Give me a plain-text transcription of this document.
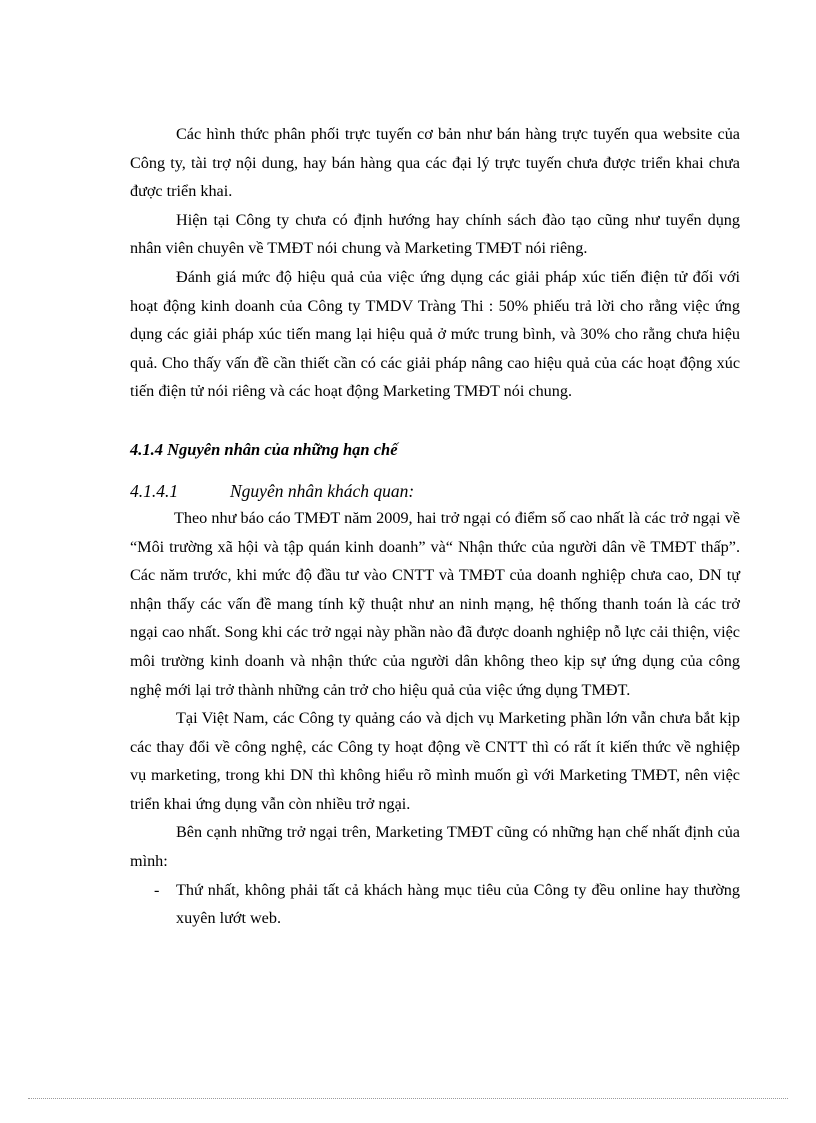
Các hình thức phân phối trực tuyến cơ bản như bán hàng trực tuyến qua website của Công ty, tài trợ nội dung, hay bán hàng qua các đại lý trực tuyến chưa được triển khai chưa được triển khai.

Hiện tại Công ty chưa có định hướng hay chính sách đào tạo cũng như tuyển dụng nhân viên chuyên về TMĐT nói chung và Marketing TMĐT nói riêng.

Đánh giá mức độ hiệu quả của việc ứng dụng các giải pháp xúc tiến điện tử đối với hoạt động kinh doanh của Công ty TMDV Tràng Thi : 50% phiếu trả lời cho rằng việc ứng dụng các giải pháp xúc tiến mang lại hiệu quả ở mức trung bình, và 30% cho rằng chưa hiệu quả. Cho thấy vấn đề cần thiết cần có các giải pháp nâng cao hiệu quả của các hoạt động xúc tiến điện tử nói riêng và các hoạt động Marketing TMĐT nói chung.

4.1.4 Nguyên nhân của những hạn chế
4.1.4.1	Nguyên nhân khách quan:

Theo như báo cáo TMĐT năm 2009, hai trở ngại có điểm số cao nhất là các trở ngại về “Môi trường xã hội và tập quán kinh doanh” và“ Nhận thức của người dân về TMĐT thấp”. Các năm trước, khi mức độ đầu tư vào CNTT và TMĐT của doanh nghiệp chưa cao, DN tự nhận thấy các vấn đề mang tính kỹ thuật như an ninh mạng, hệ thống thanh toán là các trở ngại cao nhất. Song khi các trở ngại này phần nào đã được doanh nghiệp nỗ lực cải thiện, việc môi trường kinh doanh và nhận thức của người dân không theo kịp sự ứng dụng của công nghệ mới lại trở thành những cản trở cho hiệu quả của việc ứng dụng TMĐT.

Tại Việt Nam, các Công ty quảng cáo và dịch vụ Marketing phần lớn vẫn chưa bắt kịp các thay đổi về công nghệ, các Công ty hoạt động về CNTT thì có rất ít kiến thức về nghiệp vụ marketing, trong khi DN thì không hiểu rõ mình muốn gì với Marketing TMĐT, nên việc triển khai ứng dụng vẫn còn nhiều trở ngại.

Bên cạnh những trở ngại trên, Marketing TMĐT cũng có những hạn chế nhất định của mình:

-	Thứ nhất, không phải tất cả khách hàng mục tiêu của Công ty đều online hay thường xuyên lướt web.
